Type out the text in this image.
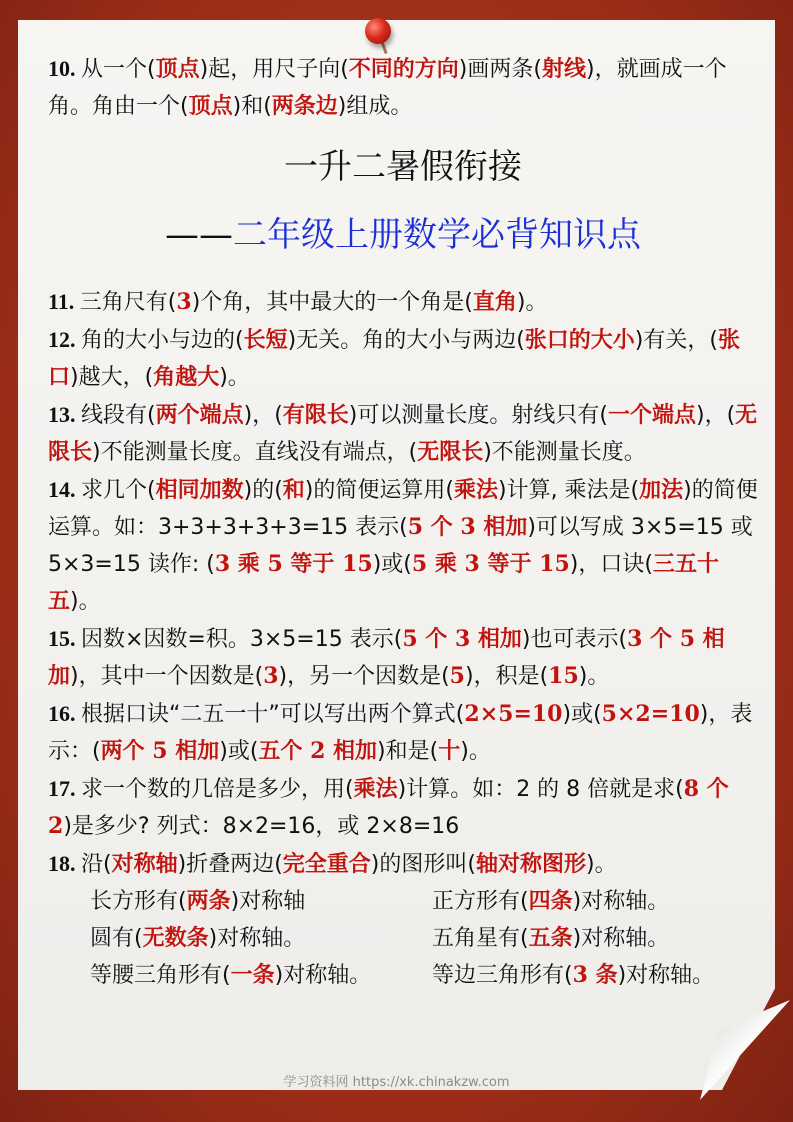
10. 从一个(顶点)起，用尺子向(不同的方向)画两条(射线)，就画成一个角。角由一个(顶点)和(两条边)组成。

一升二暑假衔接
——二年级上册数学必背知识点

11. 三角尺有(3)个角，其中最大的一个角是(直角)。

12. 角的大小与边的(长短)无关。角的大小与两边(张口的大小)有关，(张口)越大，(角越大)。

13. 线段有(两个端点)，(有限长)可以测量长度。射线只有(一个端点)，(无限长)不能测量长度。直线没有端点，(无限长)不能测量长度。

14. 求几个(相同加数)的(和)的简便运算用(乘法)计算, 乘法是(加法)的简便运算。如：3+3+3+3+3=15 表示(5 个 3 相加)可以写成 3×5=15 或 5×3=15 读作: (3 乘 5 等于 15)或(5 乘 3 等于 15)，口诀(三五十五)。

15. 因数×因数=积。3×5=15 表示(5 个 3 相加)也可表示(3 个 5 相加)，其中一个因数是(3)，另一个因数是(5)，积是(15)。

16. 根据口诀“二五一十”可以写出两个算式(2×5=10)或(5×2=10)，表示：(两个 5 相加)或(五个 2 相加)和是(十)。

17. 求一个数的几倍是多少，用(乘法)计算。如：2 的 8 倍就是求(8 个 2)是多少? 列式：8×2=16，或 2×8=16

18. 沿(对称轴)折叠两边(完全重合)的图形叫(轴对称图形)。

长方形有(两条)对称轴	正方形有(四条)对称轴。
圆有(无数条)对称轴。	五角星有(五条)对称轴。
等腰三角形有(一条)对称轴。	等边三角形有(3 条)对称轴。
学习资料网 https://xk.chinakzw.com
